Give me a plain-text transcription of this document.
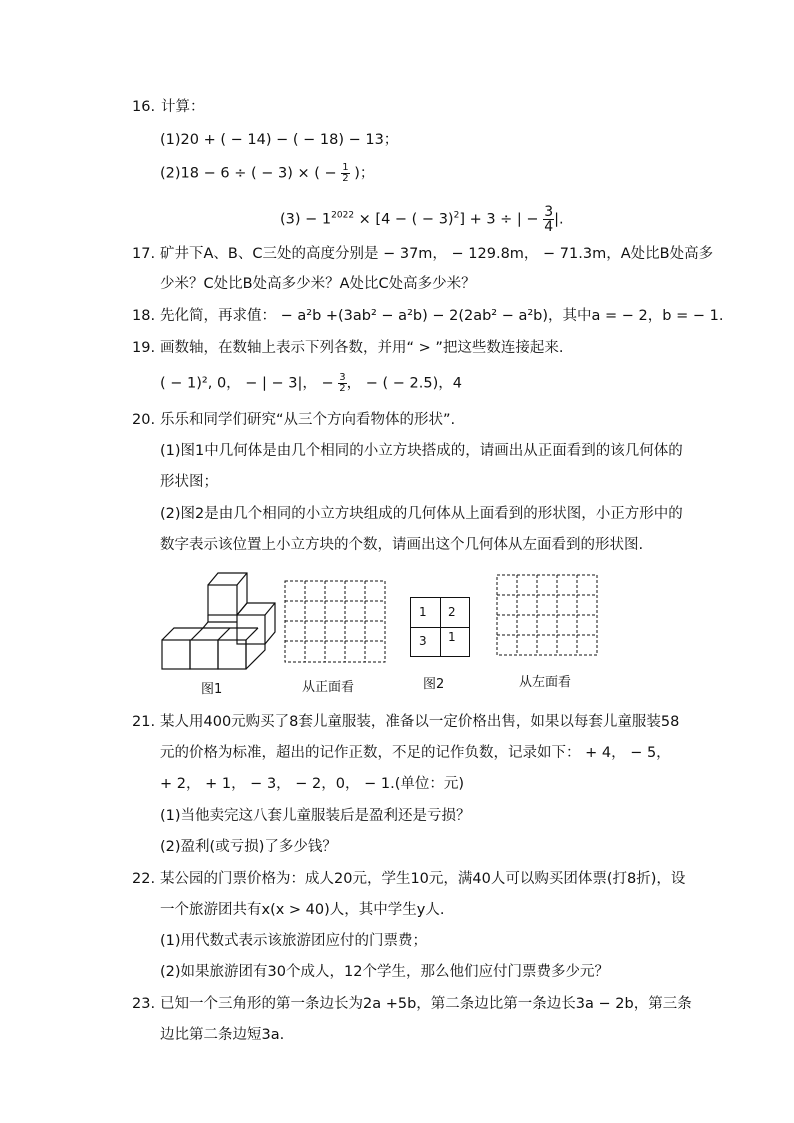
16. 计算：
(1)20 + ( − 14) − ( − 18) − 13；
(2)18 − 6 ÷ ( − 3) × ( − $\frac{1}{2}$ )；
$(3) - 1^{2022} \times [4$ − ( − 3)$^2$] + 3 ÷ | − $\frac{3}{4}$ |.
17. 矿井下A、B、C三处的高度分别是 − 37m， − 129.8m， − 71.3m，A处比B处高多
少米？C处比B处高多少米？A处比C处高多少米？
18. 先化简，再求值： − a²b +(3ab² − a²b) − 2(2ab² − a²b)，其中a = − 2，b = − 1.
19. 画数轴，在数轴上表示下列各数，并用“ > ”把这些数连接起来.
( − 1)², 0， − | − 3|， − $\frac{3}{2}$ ， − ( − 2.5)，4
20. 乐乐和同学们研究“从三个方向看物体的形状”.
(1)图1中几何体是由几个相同的小立方块搭成的，请画出从正面看到的该几何体的
形状图；
(2)图2是由几个相同的小立方块组成的几何体从上面看到的形状图，小正方形中的
数字表示该位置上小立方块的个数，请画出这个几何体从左面看到的形状图.
1 2
3 1
图1	从正面看	图2	从左面看
21. 某人用400元购买了8套儿童服装，准备以一定价格出售，如果以每套儿童服装58
元的价格为标准，超出的记作正数，不足的记作负数，记录如下： + 4， − 5，
+ 2， + 1， − 3， − 2，0， − 1.(单位：元)
(1)当他卖完这八套儿童服装后是盈利还是亏损？
(2)盈利(或亏损)了多少钱？
22. 某公园的门票价格为：成人20元，学生10元，满40人可以购买团体票(打8折)，设
一个旅游团共有x(x > 40)人，其中学生y人.
(1)用代数式表示该旅游团应付的门票费；
(2)如果旅游团有30个成人，12个学生，那么他们应付门票费多少元？
23. 已知一个三角形的第一条边长为2a +5b，第二条边比第一条边长3a − 2b，第三条
边比第二条边短3a.
